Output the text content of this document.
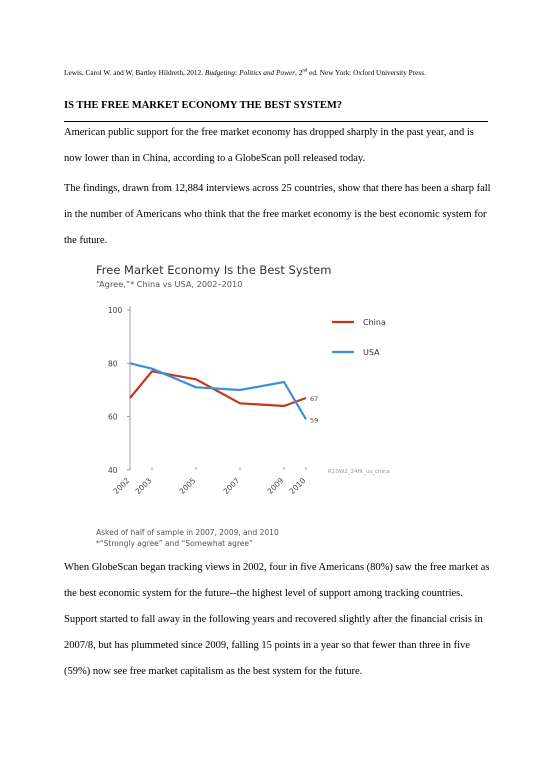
Lewis, Carol W. and W. Bartley Hildreth, 2012. Budgeting: Politics and Power, 2nd ed. New York: Oxford University Press.
IS THE FREE MARKET ECONOMY THE BEST SYSTEM?

American public support for the free market economy has dropped sharply in the past year, and is now lower than in China, according to a GlobeScan poll released today.

The findings, drawn from 12,884 interviews across 25 countries, show that there has been a sharp fall in the number of Americans who think that the free market economy is the best economic system for the future.

Free Market Economy Is the Best System
“Agree,”* China vs USA, 2002–2010
40
60
80
100
2002 2003	2005	2007	2009 2010
67
59
China
USA
R10W2_24fit_us_china
Asked of half of sample in 2007, 2009, and 2010
*“Strongly agree” and “Somewhat agree”

When GlobeScan began tracking views in 2002, four in five Americans (80%) saw the free market as the best economic system for the future--the highest level of support among tracking countries. Support started to fall away in the following years and recovered slightly after the financial crisis in 2007/8, but has plummeted since 2009, falling 15 points in a year so that fewer than three in five (59%) now see free market capitalism as the best system for the future.
